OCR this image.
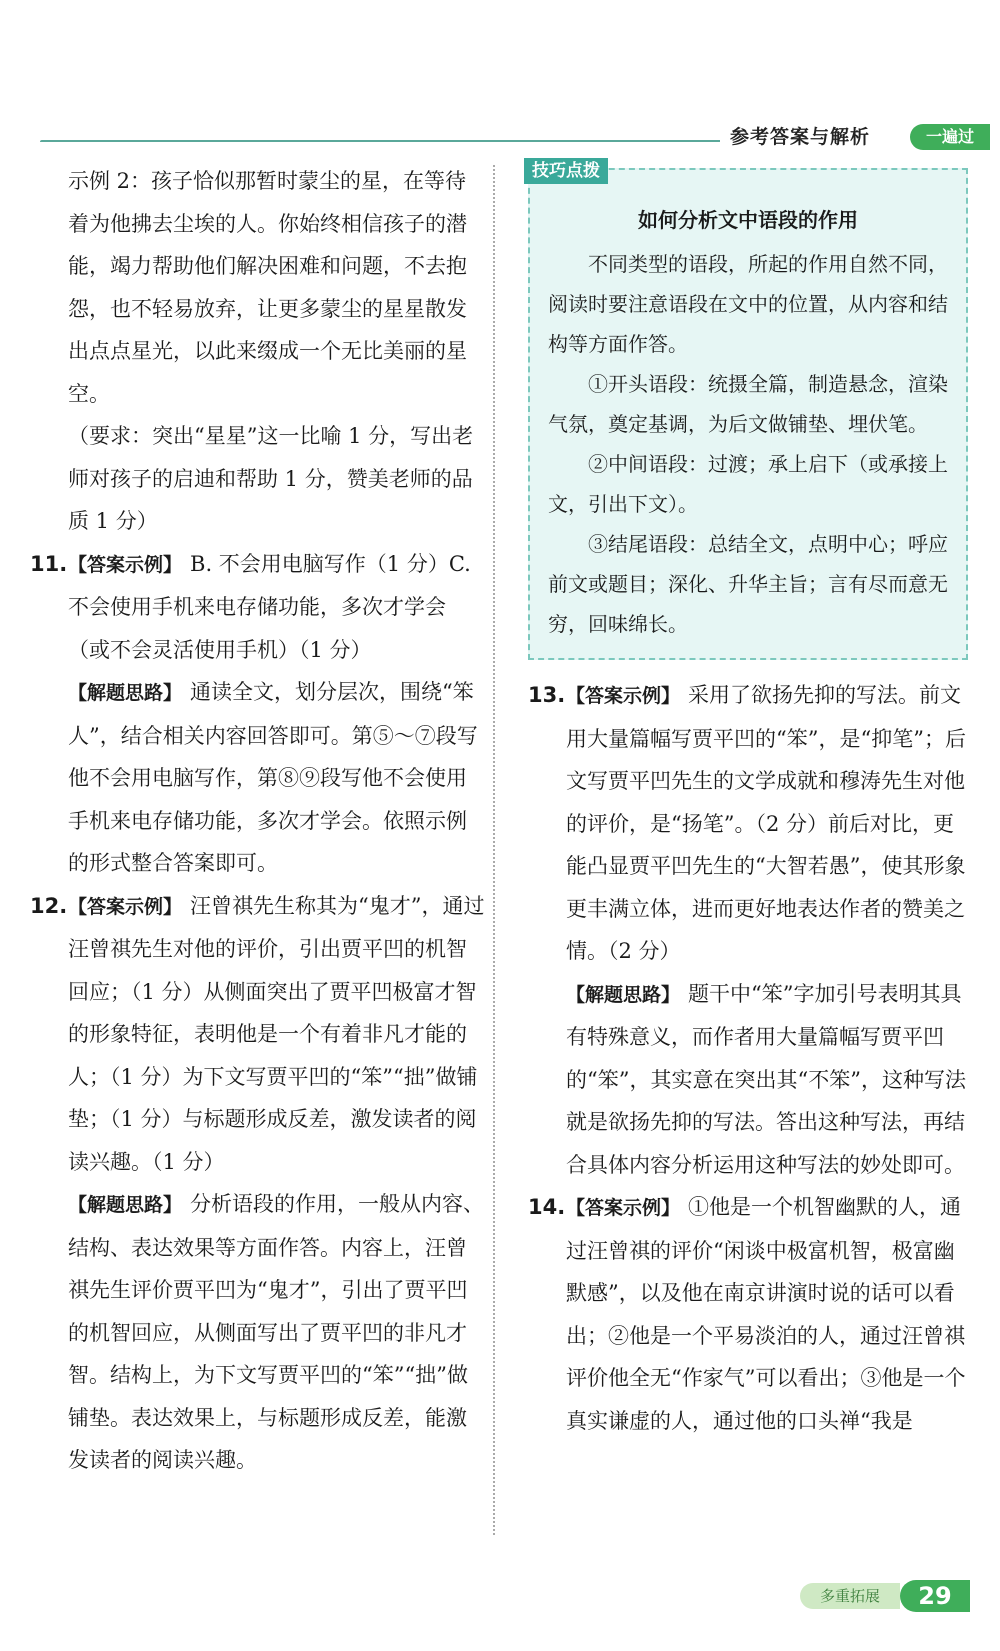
参考答案与解析	一遍过

示例 2：孩子恰似那暂时蒙尘的星，在等待着为他拂去尘埃的人。你始终相信孩子的潜能，竭力帮助他们解决困难和问题，不去抱怨，也不轻易放弃，让更多蒙尘的星星散发出点点星光，以此来缀成一个无比美丽的星空。

（要求：突出“星星”这一比喻 1 分，写出老师对孩子的启迪和帮助 1 分，赞美老师的品质 1 分）

11. 【答案示例】 B. 不会用电脑写作（1 分）C. 不会使用手机来电存储功能，多次才学会（或不会灵活使用手机）（1 分）
【解题思路】 通读全文，划分层次，围绕“笨人”，结合相关内容回答即可。第⑤～⑦段写他不会用电脑写作，第⑧⑨段写他不会使用手机来电存储功能，多次才学会。依照示例的形式整合答案即可。
12. 【答案示例】 汪曾祺先生称其为“鬼才”，通过汪曾祺先生对他的评价，引出贾平凹的机智回应；（1 分）从侧面突出了贾平凹极富才智的形象特征，表明他是一个有着非凡才能的人；（1 分）为下文写贾平凹的“笨”“拙”做铺垫；（1 分）与标题形成反差，激发读者的阅读兴趣。（1 分）
【解题思路】 分析语段的作用，一般从内容、结构、表达效果等方面作答。内容上，汪曾祺先生评价贾平凹为“鬼才”，引出了贾平凹的机智回应，从侧面写出了贾平凹的非凡才智。结构上，为下文写贾平凹的“笨”“拙”做铺垫。表达效果上，与标题形成反差，能激发读者的阅读兴趣。
技巧点拨
如何分析文中语段的作用

不同类型的语段，所起的作用自然不同，阅读时要注意语段在文中的位置，从内容和结构等方面作答。

①开头语段：统摄全篇，制造悬念，渲染气氛，奠定基调，为后文做铺垫、埋伏笔。

②中间语段：过渡；承上启下（或承接上文，引出下文）。

③结尾语段：总结全文，点明中心；呼应前文或题目；深化、升华主旨；言有尽而意无穷，回味绵长。

13. 【答案示例】 采用了欲扬先抑的写法。前文用大量篇幅写贾平凹的“笨”，是“抑笔”；后文写贾平凹先生的文学成就和穆涛先生对他的评价，是“扬笔”。（2 分）前后对比，更能凸显贾平凹先生的“大智若愚”，使其形象更丰满立体，进而更好地表达作者的赞美之情。（2 分）
【解题思路】 题干中“笨”字加引号表明其具有特殊意义，而作者用大量篇幅写贾平凹的“笨”，其实意在突出其“不笨”，这种写法就是欲扬先抑的写法。答出这种写法，再结合具体内容分析运用这种写法的妙处即可。
14. 【答案示例】 ①他是一个机智幽默的人，通过汪曾祺的评价“闲谈中极富机智，极富幽默感”，以及他在南京讲演时说的话可以看出；②他是一个平易淡泊的人，通过汪曾祺评价他全无“作家气”可以看出；③他是一个真实谦虚的人，通过他的口头禅“我是
多重拓展	29
